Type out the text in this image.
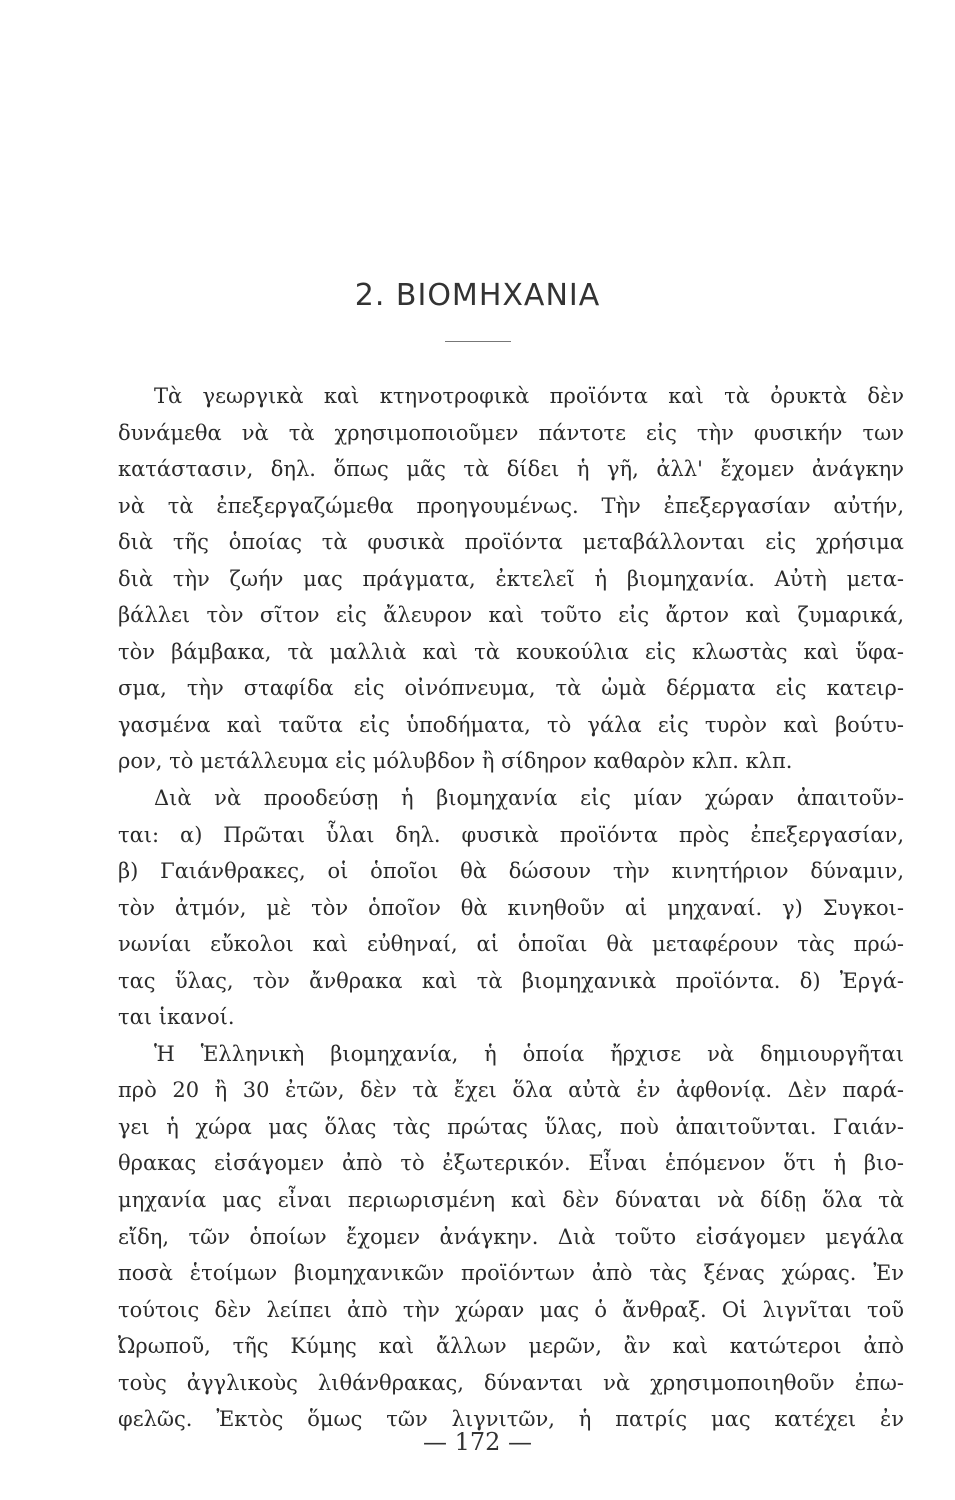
2. ΒΙΟΜΗΧΑΝΙΑ
Τὰ γεωργικὰ καὶ κτηνοτροφικὰ προϊόντα καὶ τὰ ὀρυκτὰ δὲν
δυνάμεθα νὰ τὰ χρησιμοποιοῦμεν πάντοτε εἰς τὴν φυσικήν των
κατάστασιν, δηλ. ὅπως μᾶς τὰ δίδει ἡ γῆ, ἀλλ' ἔχομεν ἀνάγκην
νὰ τὰ ἐπεξεργαζώμεθα προηγουμένως. Τὴν ἐπεξεργασίαν αὐτήν,
διὰ τῆς ὁποίας τὰ φυσικὰ προϊόντα μεταβάλλονται εἰς χρήσιμα
διὰ τὴν ζωήν μας πράγματα, ἐκτελεῖ ἡ βιομηχανία. Αὐτὴ μετα-
βάλλει τὸν σῖτον εἰς ἄλευρον καὶ τοῦτο εἰς ἄρτον καὶ ζυμαρικά,
τὸν βάμβακα, τὰ μαλλιὰ καὶ τὰ κουκούλια εἰς κλωστὰς καὶ ὕφα-
σμα, τὴν σταφίδα εἰς οἰνόπνευμα, τὰ ὠμὰ δέρματα εἰς κατειρ-
γασμένα καὶ ταῦτα εἰς ὑποδήματα, τὸ γάλα εἰς τυρὸν καὶ βούτυ-
ρον, τὸ μετάλλευμα εἰς μόλυβδον ἢ σίδηρον καθαρὸν κλπ. κλπ.
Διὰ νὰ προοδεύσῃ ἡ βιομηχανία εἰς μίαν χώραν ἀπαιτοῦν-
ται: α) Πρῶται ὗλαι δηλ. φυσικὰ προϊόντα πρὸς ἐπεξεργασίαν,
β) Γαιάνθρακες, οἱ ὁποῖοι θὰ δώσουν τὴν κινητήριον δύναμιν,
τὸν ἀτμόν, μὲ τὸν ὁποῖον θὰ κινηθοῦν αἱ μηχαναί. γ) Συγκοι-
νωνίαι εὔκολοι καὶ εὐθηναί, αἱ ὁποῖαι θὰ μεταφέρουν τὰς πρώ-
τας ὕλας, τὸν ἄνθρακα καὶ τὰ βιομηχανικὰ προϊόντα. δ) Ἐργά-
ται ἱκανοί.
Ἡ Ἑλληνικὴ βιομηχανία, ἡ ὁποία ἤρχισε νὰ δημιουργῆται
πρὸ 20 ἢ 30 ἐτῶν, δὲν τὰ ἔχει ὅλα αὐτὰ ἐν ἀφθονίᾳ. Δὲν παρά-
γει ἡ χώρα μας ὅλας τὰς πρώτας ὕλας, ποὺ ἀπαιτοῦνται. Γαιάν-
θρακας εἰσάγομεν ἀπὸ τὸ ἐξωτερικόν. Εἶναι ἑπόμενον ὅτι ἡ βιο-
μηχανία μας εἶναι περιωρισμένη καὶ δὲν δύναται νὰ δίδῃ ὅλα τὰ
εἴδη, τῶν ὁποίων ἔχομεν ἀνάγκην. Διὰ τοῦτο εἰσάγομεν μεγάλα
ποσὰ ἑτοίμων βιομηχανικῶν προϊόντων ἀπὸ τὰς ξένας χώρας. Ἐν
τούτοις δὲν λείπει ἀπὸ τὴν χώραν μας ὁ ἄνθραξ. Οἱ λιγνῖται τοῦ
Ὠρωποῦ, τῆς Κύμης καὶ ἄλλων μερῶν, ἂν καὶ κατώτεροι ἀπὸ
τοὺς ἀγγλικοὺς λιθάνθρακας, δύνανται νὰ χρησιμοποιηθοῦν ἐπω-
φελῶς. Ἐκτὸς ὅμως τῶν λιγνιτῶν, ἡ πατρίς μας κατέχει ἐν
— 172 —
